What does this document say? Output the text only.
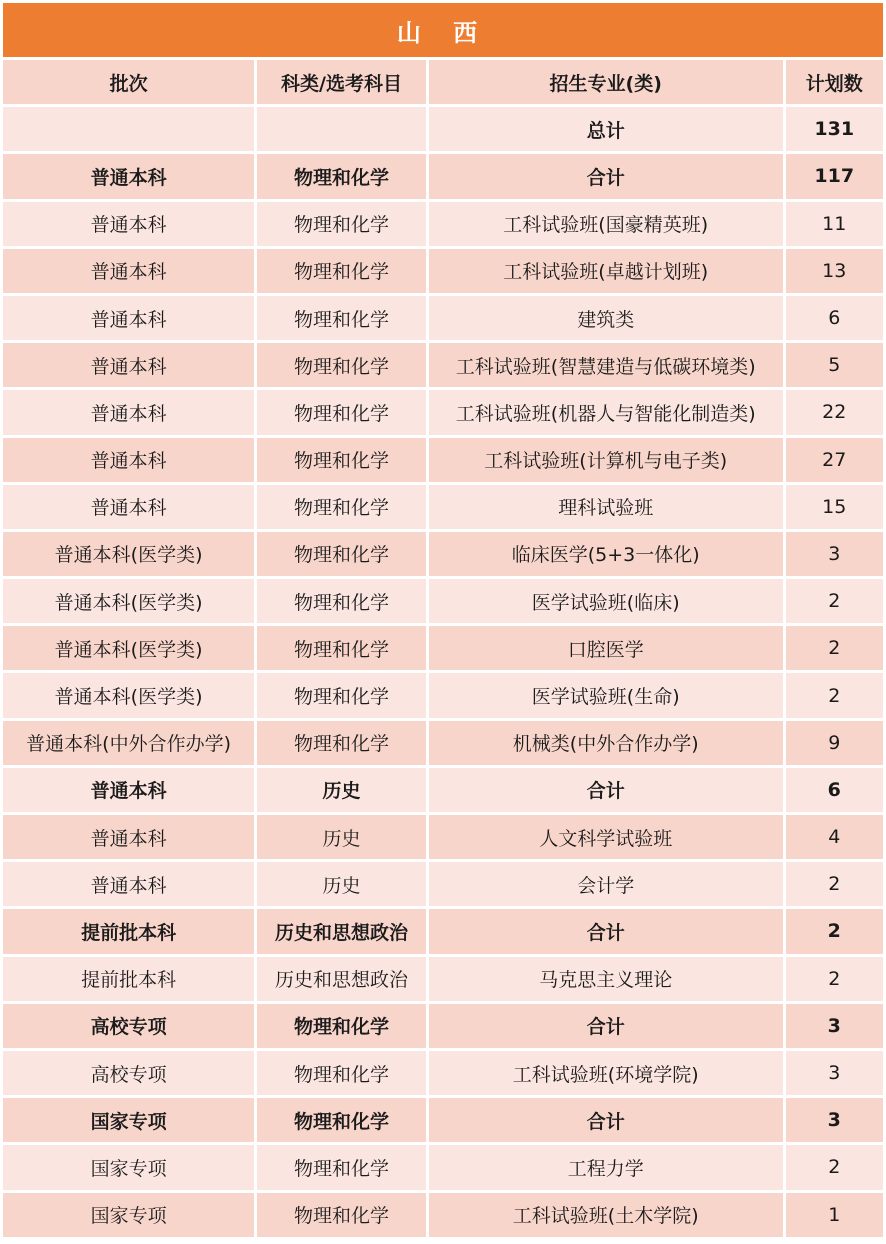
山 西
批次	科类/选考科目	招生专业(类)	计划数
		总计	131
普通本科	物理和化学	合计	117
普通本科	物理和化学	工科试验班(国豪精英班)	11
普通本科	物理和化学	工科试验班(卓越计划班)	13
普通本科	物理和化学	建筑类	6
普通本科	物理和化学	工科试验班(智慧建造与低碳环境类)	5
普通本科	物理和化学	工科试验班(机器人与智能化制造类)	22
普通本科	物理和化学	工科试验班(计算机与电子类)	27
普通本科	物理和化学	理科试验班	15
普通本科(医学类)	物理和化学	临床医学(5+3一体化)	3
普通本科(医学类)	物理和化学	医学试验班(临床)	2
普通本科(医学类)	物理和化学	口腔医学	2
普通本科(医学类)	物理和化学	医学试验班(生命)	2
普通本科(中外合作办学)	物理和化学	机械类(中外合作办学)	9
普通本科	历史	合计	6
普通本科	历史	人文科学试验班	4
普通本科	历史	会计学	2
提前批本科	历史和思想政治	合计	2
提前批本科	历史和思想政治	马克思主义理论	2
高校专项	物理和化学	合计	3
高校专项	物理和化学	工科试验班(环境学院)	3
国家专项	物理和化学	合计	3
国家专项	物理和化学	工程力学	2
国家专项	物理和化学	工科试验班(土木学院)	1
